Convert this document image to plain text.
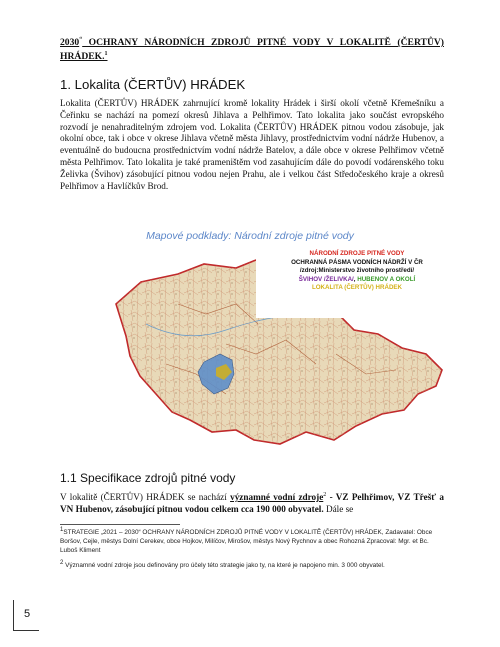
2030“ OCHRANY NÁRODNÍCH ZDROJŮ PITNÉ VODY V LOKALITĚ (ČERTŮV)
HRÁDEK.$^1$
1. Lokalita (ČERTŮV) HRÁDEK
Lokalita (ČERTŮV) HRÁDEK zahrnující kromě lokality Hrádek i širší okolí včetně Křemešníku a Čeřinku se nachází na pomezí okresů Jihlava a Pelhřimov. Tato lokalita jako součást evropského rozvodí je nenahraditelným zdrojem vod. Lokalita (ČERTŮV) HRÁDEK pitnou vodou zásobuje, jak okolní obce, tak i obce v okrese Jihlava včetně města Jihlavy, prostřednictvím vodní nádrže Hubenov, a eventuálně do budoucna prostřednictvím vodní nádrže Batelov, a dále obce v okrese Pelhřimov včetně města Pelhřimov. Tato lokalita je také prameništěm vod zasahujícím dále do povodí vodárenského toku Želivka (Švihov) zásobující pitnou vodou nejen Prahu, ale i velkou část Středočeského kraje a okresů Pelhřimov a Havlíčkův Brod.
Mapové podklady: Národní zdroje pitné vody
NÁRODNÍ ZDROJE PITNÉ VODY
OCHRANNÁ PÁSMA VODNÍCH NÁDRŽÍ V ČR
/zdroj:Ministerstvo životního prostředí/
ŠVIHOV /ŽELIVKA/, HUBENOV A OKOLÍ
LOKALITA (ČERTŮV) HRÁDEK
1.1 Specifikace zdrojů pitné vody
V lokalitě (ČERTŮV) HRÁDEK se nachází významné vodní zdroje$^2$ - VZ Pelhřimov, VZ Třešť a VN Hubenov, zásobující pitnou vodou celkem cca 190 000 obyvatel. Dále se
$^1$STRATEGIE „2021 – 2030“ OCHRANY NÁRODNÍCH ZDROJŮ PITNÉ VODY V LOKALITĚ (ČERTŮV) HRÁDEK, Zadavatel: Obce Boršov, Cejle, městys Dolní Cerekev, obce Hojkov, Milíčov, Mirošov, městys Nový Rychnov a obec Rohozná Zpracoval: Mgr. et Bc. Luboš Kliment
$^2$ Významné vodní zdroje jsou definovány pro účely této strategie jako ty, na které je napojeno min. 3 000 obyvatel.
5
